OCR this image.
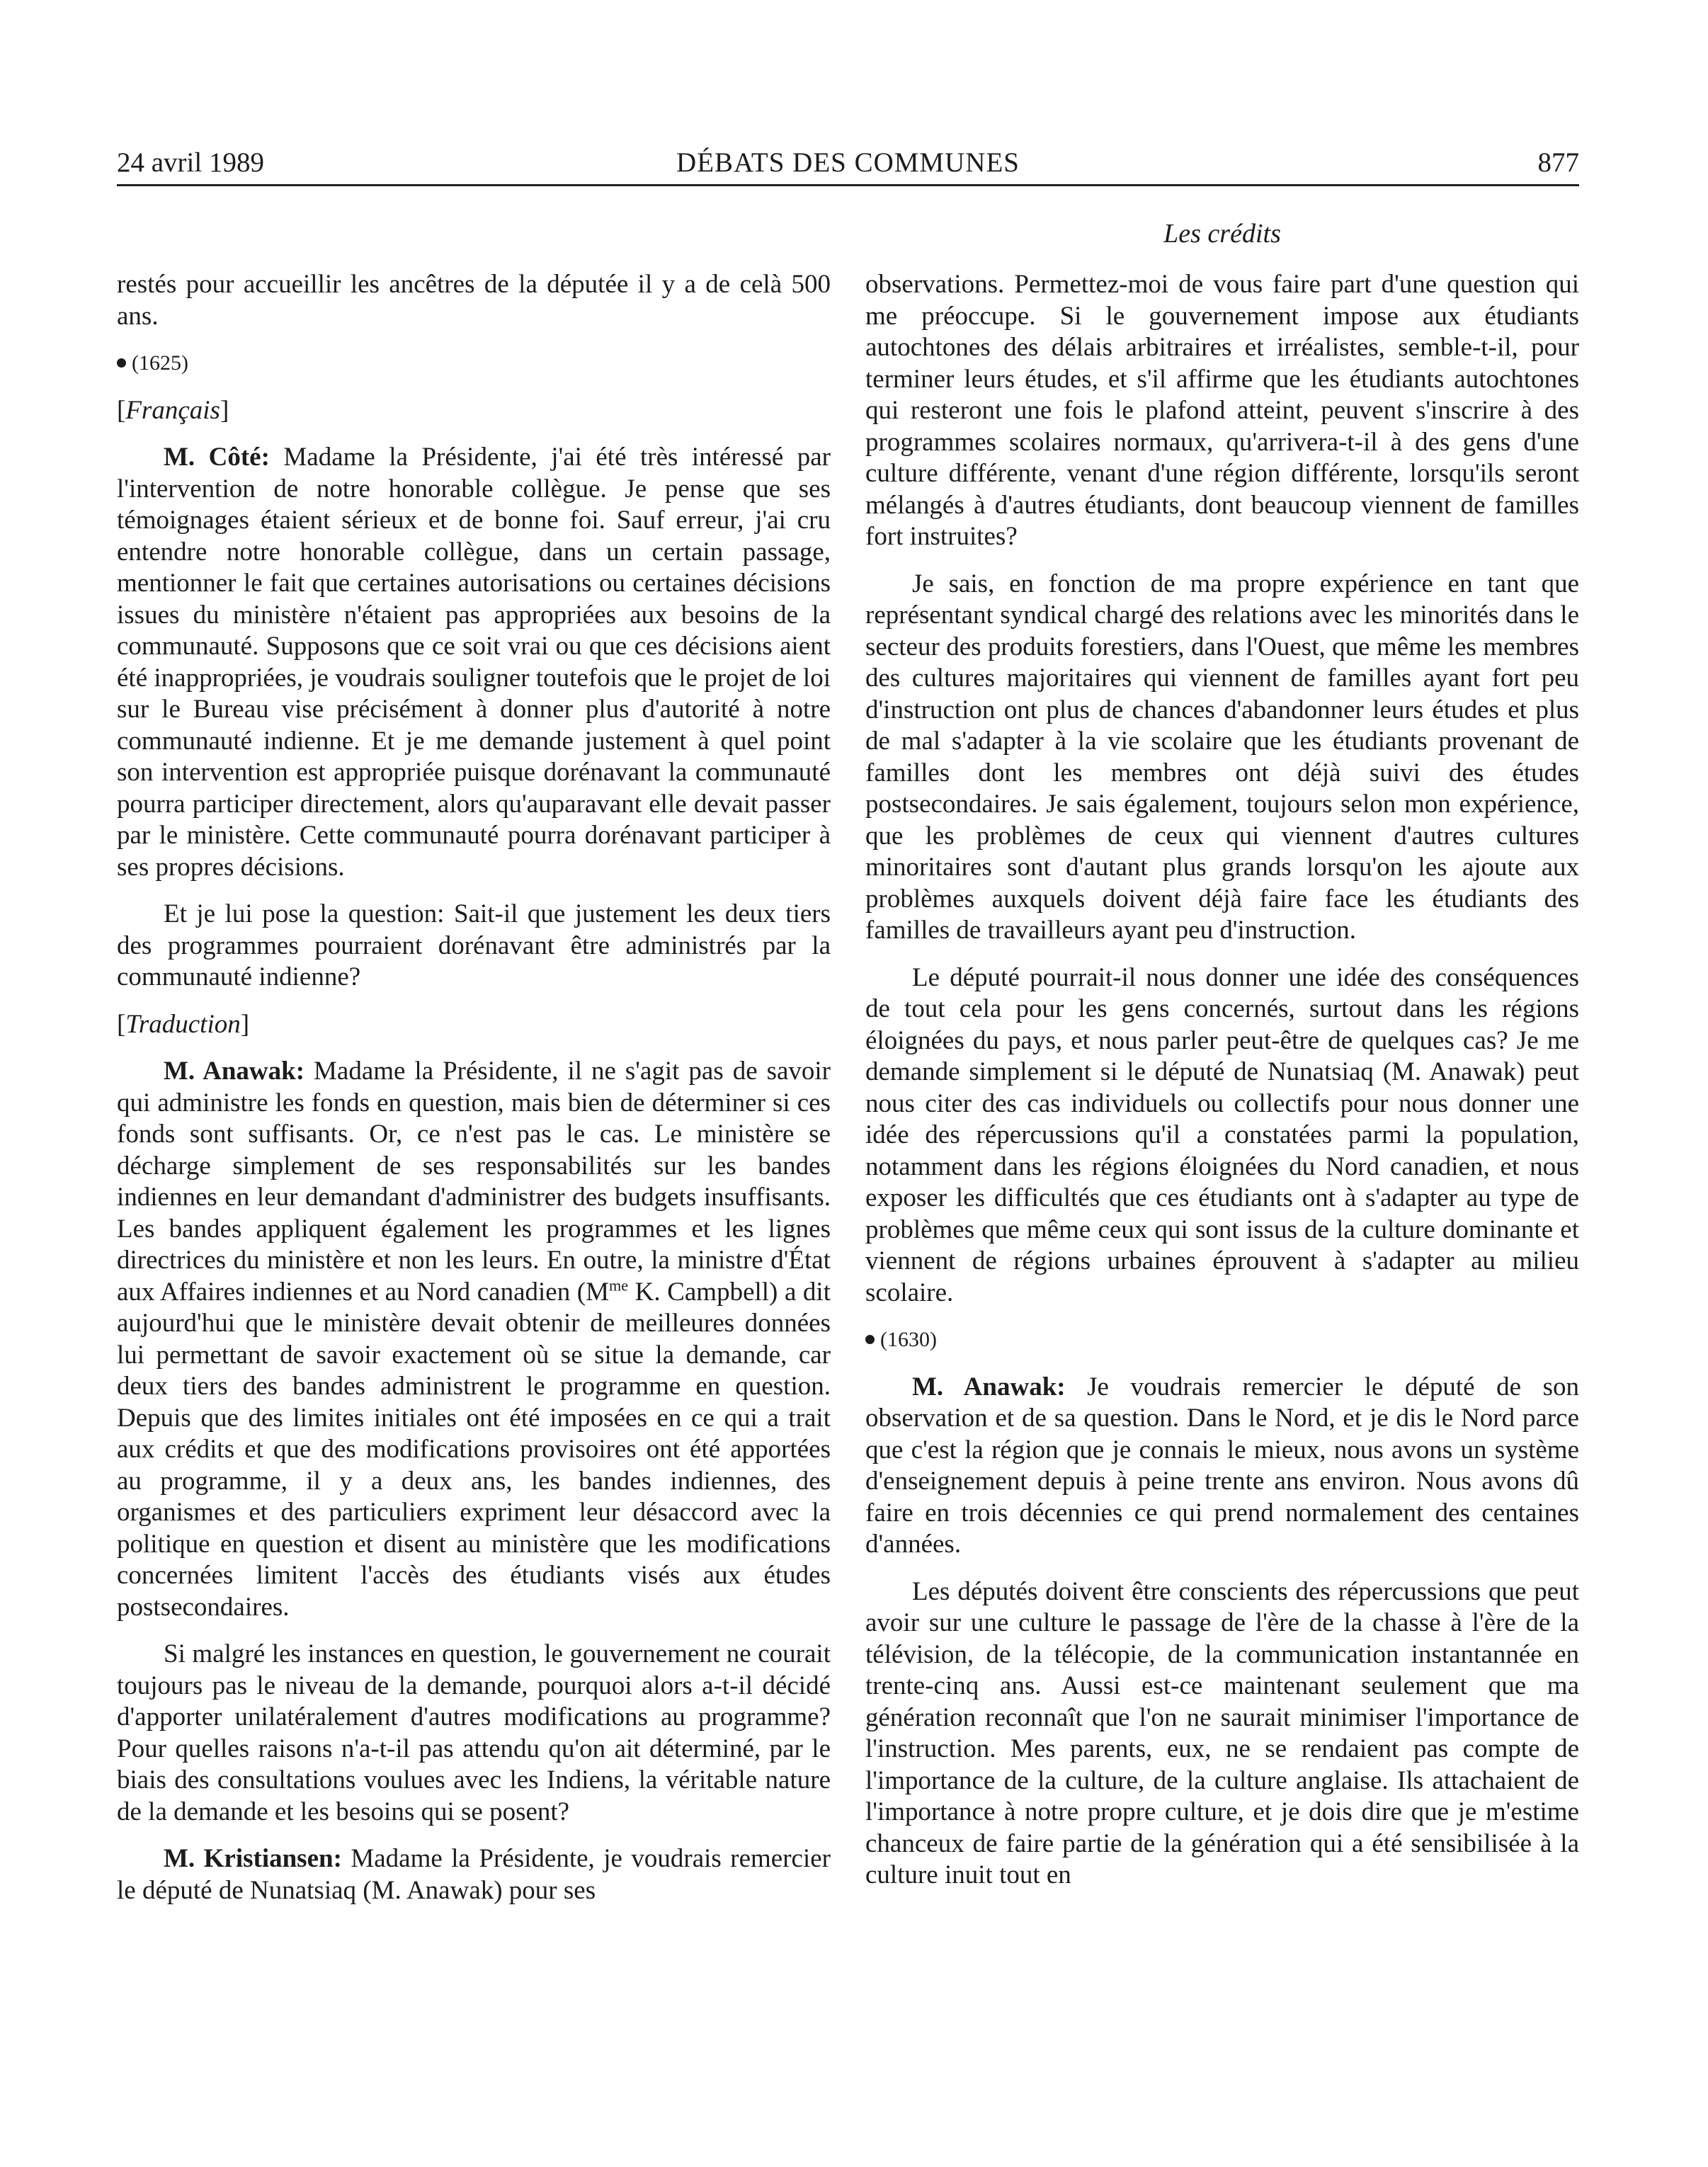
24 avril 1989	DÉBATS DES COMMUNES	877
Les crédits

restés pour accueillir les ancêtres de la députée il y a de celà 500 ans.

(1625)
[Français]

M. Côté: Madame la Présidente, j'ai été très intéressé par l'intervention de notre honorable collègue. Je pense que ses témoignages étaient sérieux et de bonne foi. Sauf erreur, j'ai cru entendre notre honorable collègue, dans un certain passage, mentionner le fait que certaines autorisations ou certaines décisions issues du ministère n'étaient pas appropriées aux besoins de la communauté. Supposons que ce soit vrai ou que ces décisions aient été inappropriées, je voudrais souligner toutefois que le projet de loi sur le Bureau vise précisément à donner plus d'autorité à notre communauté indienne. Et je me demande justement à quel point son intervention est appropriée puisque dorénavant la communauté pourra participer directement, alors qu'auparavant elle devait passer par le ministère. Cette communauté pourra dorénavant participer à ses propres décisions.

Et je lui pose la question: Sait-il que justement les deux tiers des programmes pourraient dorénavant être administrés par la communauté indienne?

[Traduction]

M. Anawak: Madame la Présidente, il ne s'agit pas de savoir qui administre les fonds en question, mais bien de déterminer si ces fonds sont suffisants. Or, ce n'est pas le cas. Le ministère se décharge simplement de ses responsabilités sur les bandes indiennes en leur demandant d'administrer des budgets insuffisants. Les bandes appliquent également les programmes et les lignes directrices du ministère et non les leurs. En outre, la ministre d'État aux Affaires indiennes et au Nord canadien ($M^{me}$ K. Campbell) a dit aujourd'hui que le ministère devait obtenir de meilleures données lui permettant de savoir exactement où se situe la demande, car deux tiers des bandes administrent le programme en question. Depuis que des limites initiales ont été imposées en ce qui a trait aux crédits et que des modifications provisoires ont été apportées au programme, il y a deux ans, les bandes indiennes, des organismes et des particuliers expriment leur désaccord avec la politique en question et disent au ministère que les modifications concernées limitent l'accès des étudiants visés aux études postsecondaires.

Si malgré les instances en question, le gouvernement ne courait toujours pas le niveau de la demande, pourquoi alors a-t-il décidé d'apporter unilatéralement d'autres modifications au programme? Pour quelles raisons n'a-t-il pas attendu qu'on ait déterminé, par le biais des consultations voulues avec les Indiens, la véritable nature de la demande et les besoins qui se posent?

M. Kristiansen: Madame la Présidente, je voudrais remercier le député de Nunatsiaq (M. Anawak) pour ses

observations. Permettez-moi de vous faire part d'une question qui me préoccupe. Si le gouvernement impose aux étudiants autochtones des délais arbitraires et irréalistes, semble-t-il, pour terminer leurs études, et s'il affirme que les étudiants autochtones qui resteront une fois le plafond atteint, peuvent s'inscrire à des programmes scolaires normaux, qu'arrivera-t-il à des gens d'une culture différente, venant d'une région différente, lorsqu'ils seront mélangés à d'autres étudiants, dont beaucoup viennent de familles fort instruites?

Je sais, en fonction de ma propre expérience en tant que représentant syndical chargé des relations avec les minorités dans le secteur des produits forestiers, dans l'Ouest, que même les membres des cultures majoritaires qui viennent de familles ayant fort peu d'instruction ont plus de chances d'abandonner leurs études et plus de mal s'adapter à la vie scolaire que les étudiants provenant de familles dont les membres ont déjà suivi des études postsecondaires. Je sais également, toujours selon mon expérience, que les problèmes de ceux qui viennent d'autres cultures minoritaires sont d'autant plus grands lorsqu'on les ajoute aux problèmes auxquels doivent déjà faire face les étudiants des familles de travailleurs ayant peu d'instruction.

Le député pourrait-il nous donner une idée des conséquences de tout cela pour les gens concernés, surtout dans les régions éloignées du pays, et nous parler peut-être de quelques cas? Je me demande simplement si le député de Nunatsiaq (M. Anawak) peut nous citer des cas individuels ou collectifs pour nous donner une idée des répercussions qu'il a constatées parmi la population, notamment dans les régions éloignées du Nord canadien, et nous exposer les difficultés que ces étudiants ont à s'adapter au type de problèmes que même ceux qui sont issus de la culture dominante et viennent de régions urbaines éprouvent à s'adapter au milieu scolaire.

(1630)

M. Anawak: Je voudrais remercier le député de son observation et de sa question. Dans le Nord, et je dis le Nord parce que c'est la région que je connais le mieux, nous avons un système d'enseignement depuis à peine trente ans environ. Nous avons dû faire en trois décennies ce qui prend normalement des centaines d'années.

Les députés doivent être conscients des répercussions que peut avoir sur une culture le passage de l'ère de la chasse à l'ère de la télévision, de la télécopie, de la communication instantannée en trente-cinq ans. Aussi est-ce maintenant seulement que ma génération reconnaît que l'on ne saurait minimiser l'importance de l'instruction. Mes parents, eux, ne se rendaient pas compte de l'importance de la culture, de la culture anglaise. Ils attachaient de l'importance à notre propre culture, et je dois dire que je m'estime chanceux de faire partie de la génération qui a été sensibilisée à la culture inuit tout en
